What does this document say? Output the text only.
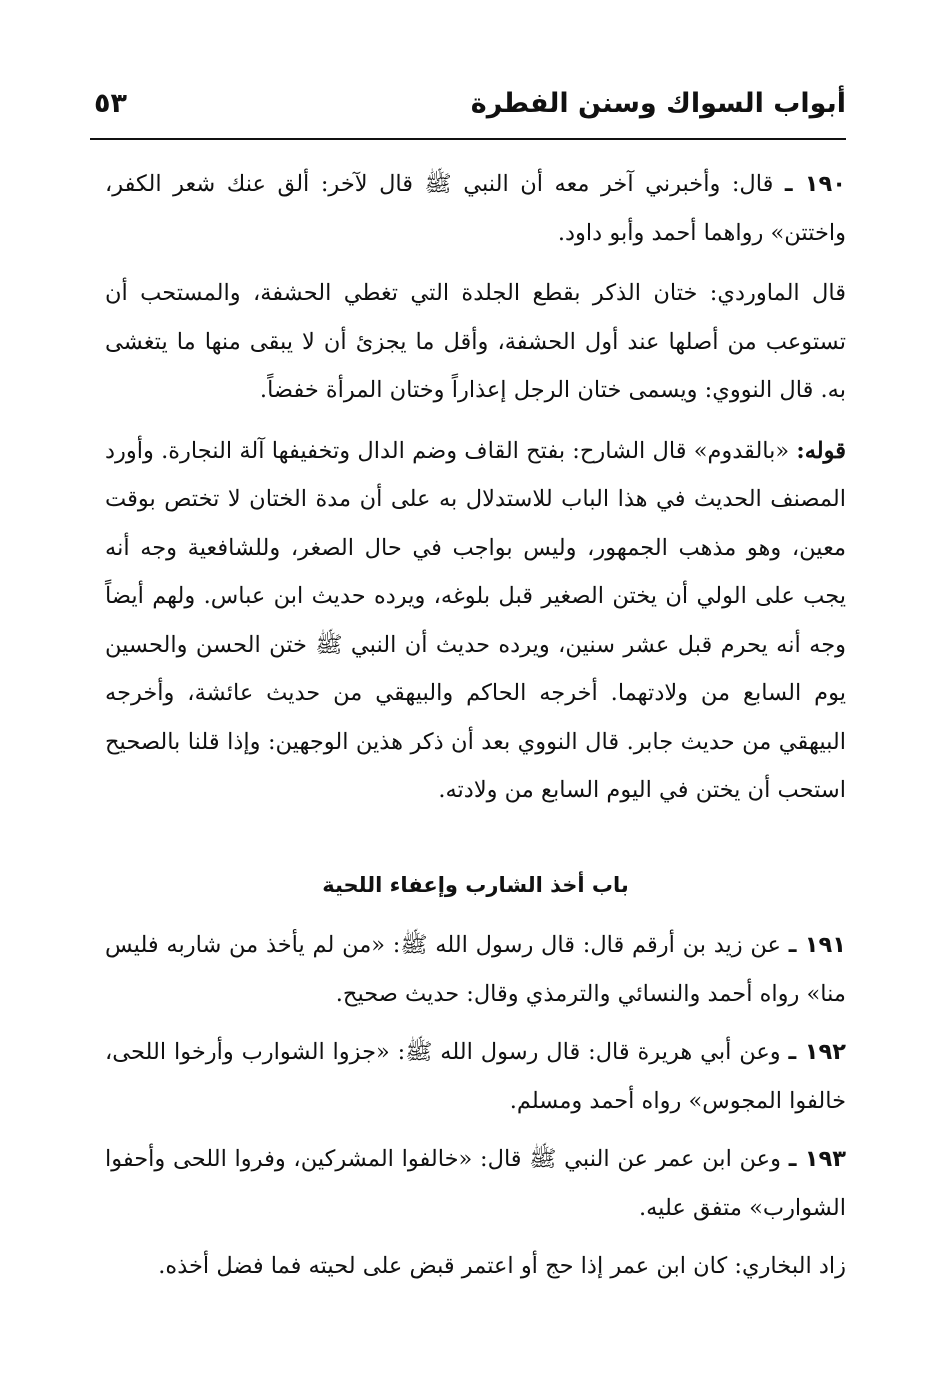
أبواب السواك وسنن الفطرة
٥٣

١٩٠ ـ قال: وأخبرني آخر معه أن النبي ﷺ قال لآخر: ألق عنك شعر الكفر، واختتن» رواهما أحمد وأبو داود.

قال الماوردي: ختان الذكر بقطع الجلدة التي تغطي الحشفة، والمستحب أن تستوعب من أصلها عند أول الحشفة، وأقل ما يجزئ أن لا يبقى منها ما يتغشى به. قال النووي: ويسمى ختان الرجل إعذاراً وختان المرأة خفضاً.

قوله: «بالقدوم» قال الشارح: بفتح القاف وضم الدال وتخفيفها آلة النجارة. وأورد المصنف الحديث في هذا الباب للاستدلال به على أن مدة الختان لا تختص بوقت معين، وهو مذهب الجمهور، وليس بواجب في حال الصغر، وللشافعية وجه أنه يجب على الولي أن يختن الصغير قبل بلوغه، ويرده حديث ابن عباس. ولهم أيضاً وجه أنه يحرم قبل عشر سنين، ويرده حديث أن النبي ﷺ ختن الحسن والحسين يوم السابع من ولادتهما. أخرجه الحاكم والبيهقي من حديث عائشة، وأخرجه البيهقي من حديث جابر. قال النووي بعد أن ذكر هذين الوجهين: وإذا قلنا بالصحيح استحب أن يختن في اليوم السابع من ولادته.

باب أخذ الشارب وإعفاء اللحية

١٩١ ـ عن زيد بن أرقم قال: قال رسول الله ﷺ: «من لم يأخذ من شاربه فليس منا» رواه أحمد والنسائي والترمذي وقال: حديث صحيح.

١٩٢ ـ وعن أبي هريرة قال: قال رسول الله ﷺ: «جزوا الشوارب وأرخوا اللحى، خالفوا المجوس» رواه أحمد ومسلم.

١٩٣ ـ وعن ابن عمر عن النبي ﷺ قال: «خالفوا المشركين، وفروا اللحى وأحفوا الشوارب» متفق عليه.

زاد البخاري: كان ابن عمر إذا حج أو اعتمر قبض على لحيته فما فضل أخذه.
